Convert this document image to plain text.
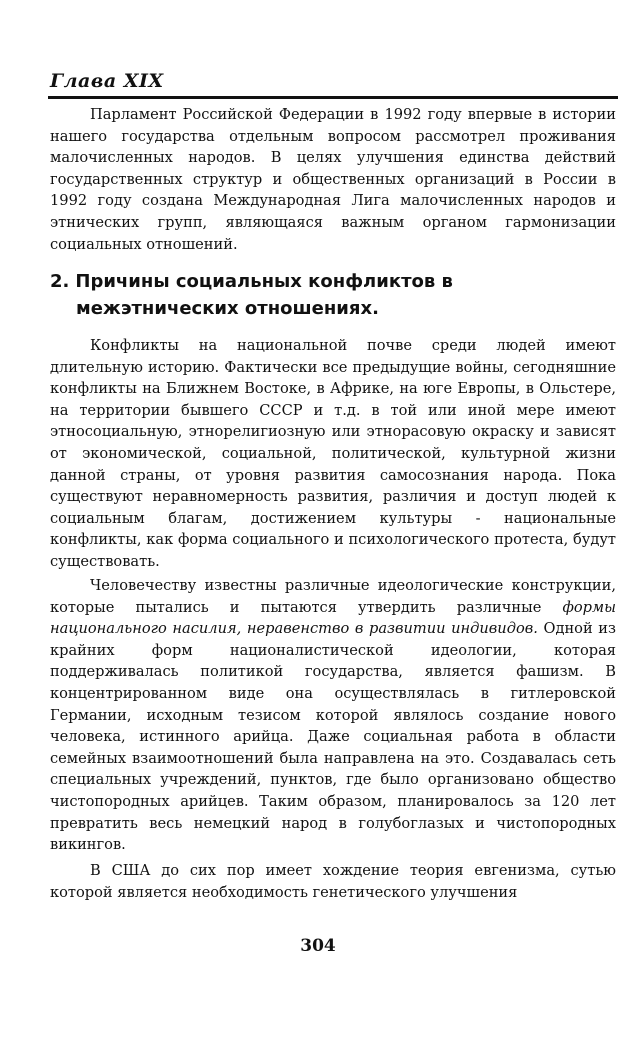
Глава XIX

Парламент Российской Федерации в 1992 году впервые в истории нашего государства отдельным вопросом рассмотрел проживания малочисленных народов. В целях улучшения единства действий государственных структур и общественных организаций в России в 1992 году создана Международная Лига малочисленных народов и этнических групп, являющаяся важным органом гармонизации социальных отношений.

2. Причины социальных конфликтов в
межэтнических отношениях.

Конфликты на национальной почве среди людей имеют длительную историю. Фактически все предыдущие войны, сегодняшние конфликты на Ближнем Востоке, в Африке, на юге Европы, в Ольстере, на территории бывшего СССР и т.д. в той или иной мере имеют этносоциальную, этнорелигиозную или этнорасовую окраску и зависят от экономической, социальной, политической, культурной жизни данной страны, от уровня развития самосознания народа. Пока существуют неравномерность развития, различия и доступ людей к социальным благам, достижением культуры - национальные конфликты, как форма социального и психологического протеста, будут существовать.

Человечеству известны различные идеологические конструкции, которые пытались и пытаются утвердить различные формы национального насилия, неравенство в развитии индивидов. Одной из крайних форм националистической идеологии, которая поддерживалась политикой государства, является фашизм. В концентрированном виде она осуществлялась в гитлеровской Германии, исходным тезисом которой являлось создание нового человека, истинного арийца. Даже социальная работа в области семейных взаимоотношений была направлена на это. Создавалась сеть специальных учреждений, пунктов, где было организовано общество чистопородных арийцев. Таким образом, планировалось за 120 лет превратить весь немецкий народ в голубоглазых и чистопородных викингов.

В США до сих пор имеет хождение теория евгенизма, сутью которой является необходимость генетического улучшения

304
